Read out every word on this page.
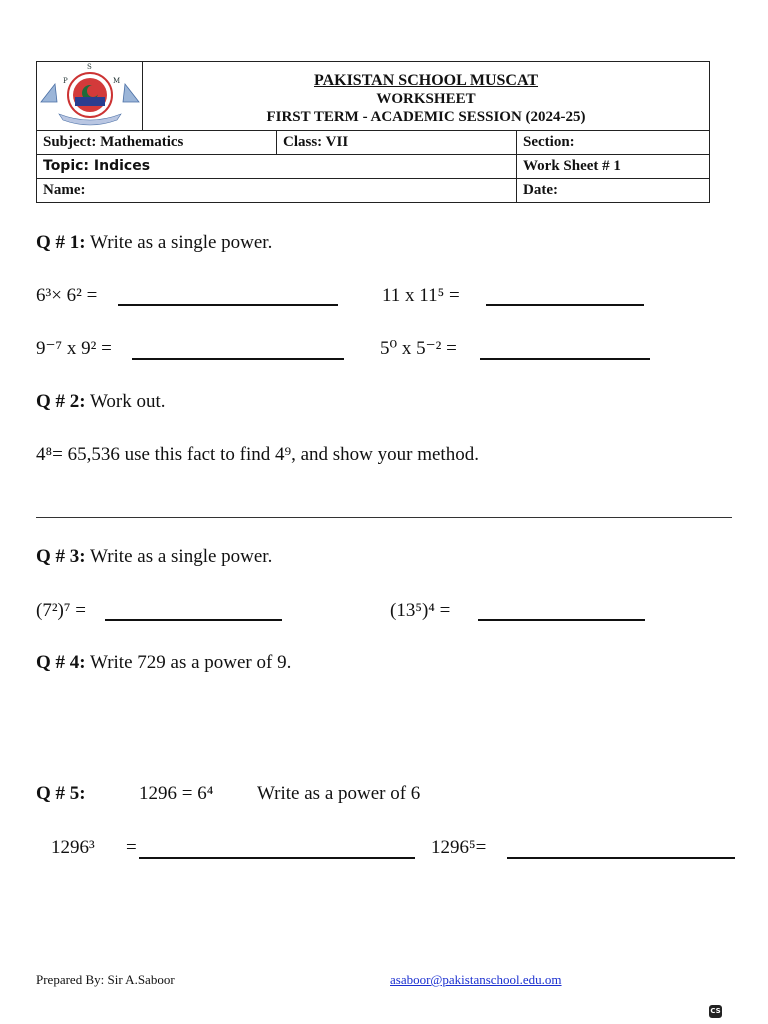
P
S
M	PAKISTAN SCHOOL MUSCAT
WORKSHEET
FIRST TERM - ACADEMIC SESSION (2024-25)
Subject: Mathematics	Class: VII	Section:
Topic: Indices	Work Sheet # 1
Name:	Date:
Q # 1: Write as a single power.
6³× 6² =	11 x 11⁵ =
9⁻⁷ x 9² =	5⁰ x 5⁻² =
Q # 2: Work out.
4⁸= 65,536 use this fact to find 4⁹, and show your method.
Q # 3: Write as a single power.
(7²)⁷ =	(13⁵)⁴ =
Q # 4: Write 729 as a power of 9.
Q # 5:	1296 = 6⁴ Write as a power of 6
1296³ =	1296⁵=
Prepared By: Sir A.Saboor	asaboor@pakistanschool.edu.om
CS
